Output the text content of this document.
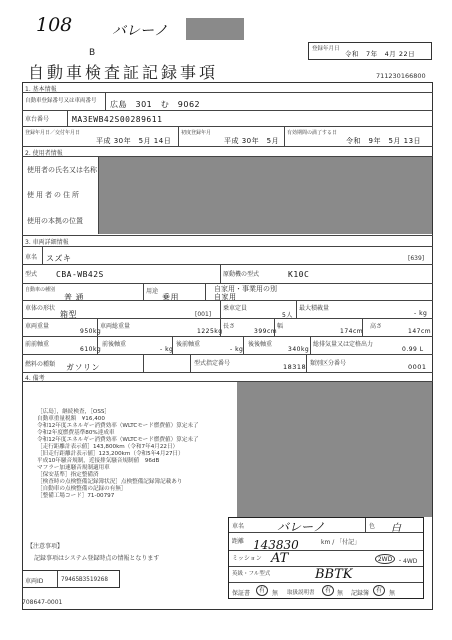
108	バレーノ
B	登録年月日
令和　7年　4月 22日
自動車検査証記録事項	711230166800
1. 基本情報
自動車登録番号又は車両番号 広島　301　む　9062
車台番号	MA3EWB42S00289611
登録年月日／交付年月日
平成 30年　5月 14日
初度登録年月
平成 30年　5月
有効期間の満了する日
令和　9年　5月 13日
2. 使用者情報
使用者の氏名又は名称
使用者の住所
使用の本拠の位置
3. 車両詳細情報
車名 スズキ	[639]
型式 CBA-WB42S	原動機の型式	K10C
自動車の種別
普 通
用途
乗用
自家用・事業用の別
自家用
車体の形状
箱型	[001]
乗車定員
5人
最大積載量
- kg
車両重量
950kg
車両総重量
1225kg
長さ
399cm
幅
174cm
高さ
147cm
前前軸重
610kg
前後軸重
- kg
後前軸重
- kg
後後軸重
340kg
総排気量又は定格出力
0.99 L
燃料の種類 ガソリン	型式指定番号	18318 類別区分番号	0001
4. 備考
［広島］，継続検査，［OSS］
自動車重量税額　¥16,400
令和12年度エネルギー消費効率（WLTCモード燃費値）算定未了
令和2年度燃費基準80%達成車
令和12年度エネルギー消費効率（WLTCモード燃費値）算定未了
［走行距離計表示値］143,800km（令和7年4月22日）
［旧走行距離計表示値］123,200km（令和5年4月27日）
平成10年騒音規制，近接排気騒音規制値　96dB
マフラー加速騒音規制適用車
［保安基準］指定整備済
［検査時の点検整備記録簿状況］点検整備記録簿記載あり
［自動車の点検整備の記録の有無］
［整備工場コード］71-00797
【注意事項】
記録事項はシステム登録時点の情報となります
車両ID	79465B3519268
708647-0001
車名	バレーノ	色 白
距離 143830	km / 「付記」
ミッション AT	2WD ・4WD
英級・フル型式	BBTK
保証書	有	無 取扱説明書	有	無 記録簿	有	無
